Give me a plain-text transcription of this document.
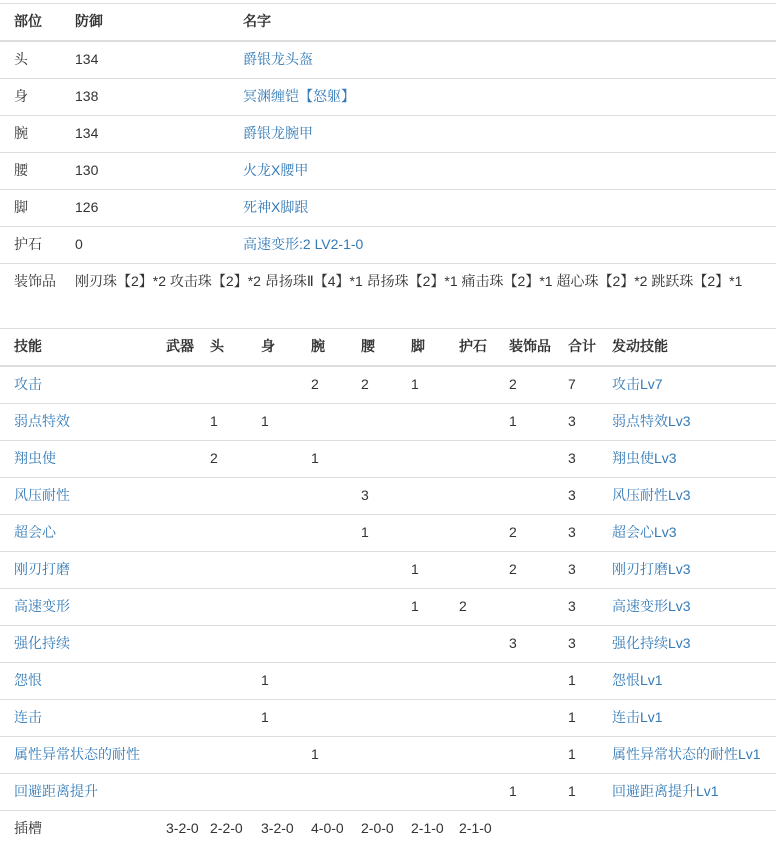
部位	防御	名字
头	134	爵银龙头盔
身	138	冥渊缠铠【怒躯】
腕	134	爵银龙腕甲
腰	130	火龙X腰甲
脚	126	死神X脚跟
护石	0	高速变形:2 LV2-1-0
装饰品	刚刃珠【2】*2 攻击珠【2】*2 昂扬珠Ⅱ【4】*1 昂扬珠【2】*1 痛击珠【2】*1 超心珠【2】*2 跳跃珠【2】*1	
技能	武器	头	身	腕	腰	脚	护石	装饰品	合计	发动技能
攻击				2	2	1		2	7	攻击Lv7
弱点特效		1	1					1	3	弱点特效Lv3
翔虫使		2		1					3	翔虫使Lv3
风压耐性					3				3	风压耐性Lv3
超会心					1			2	3	超会心Lv3
刚刃打磨						1		2	3	刚刃打磨Lv3
高速变形						1	2		3	高速变形Lv3
强化持续								3	3	强化持续Lv3
怨恨			1						1	怨恨Lv1
连击			1						1	连击Lv1
属性异常状态的耐性				1					1	属性异常状态的耐性Lv1
回避距离提升								1	1	回避距离提升Lv1
插槽	3-2-0	2-2-0	3-2-0	4-0-0	2-0-0	2-1-0	2-1-0			
